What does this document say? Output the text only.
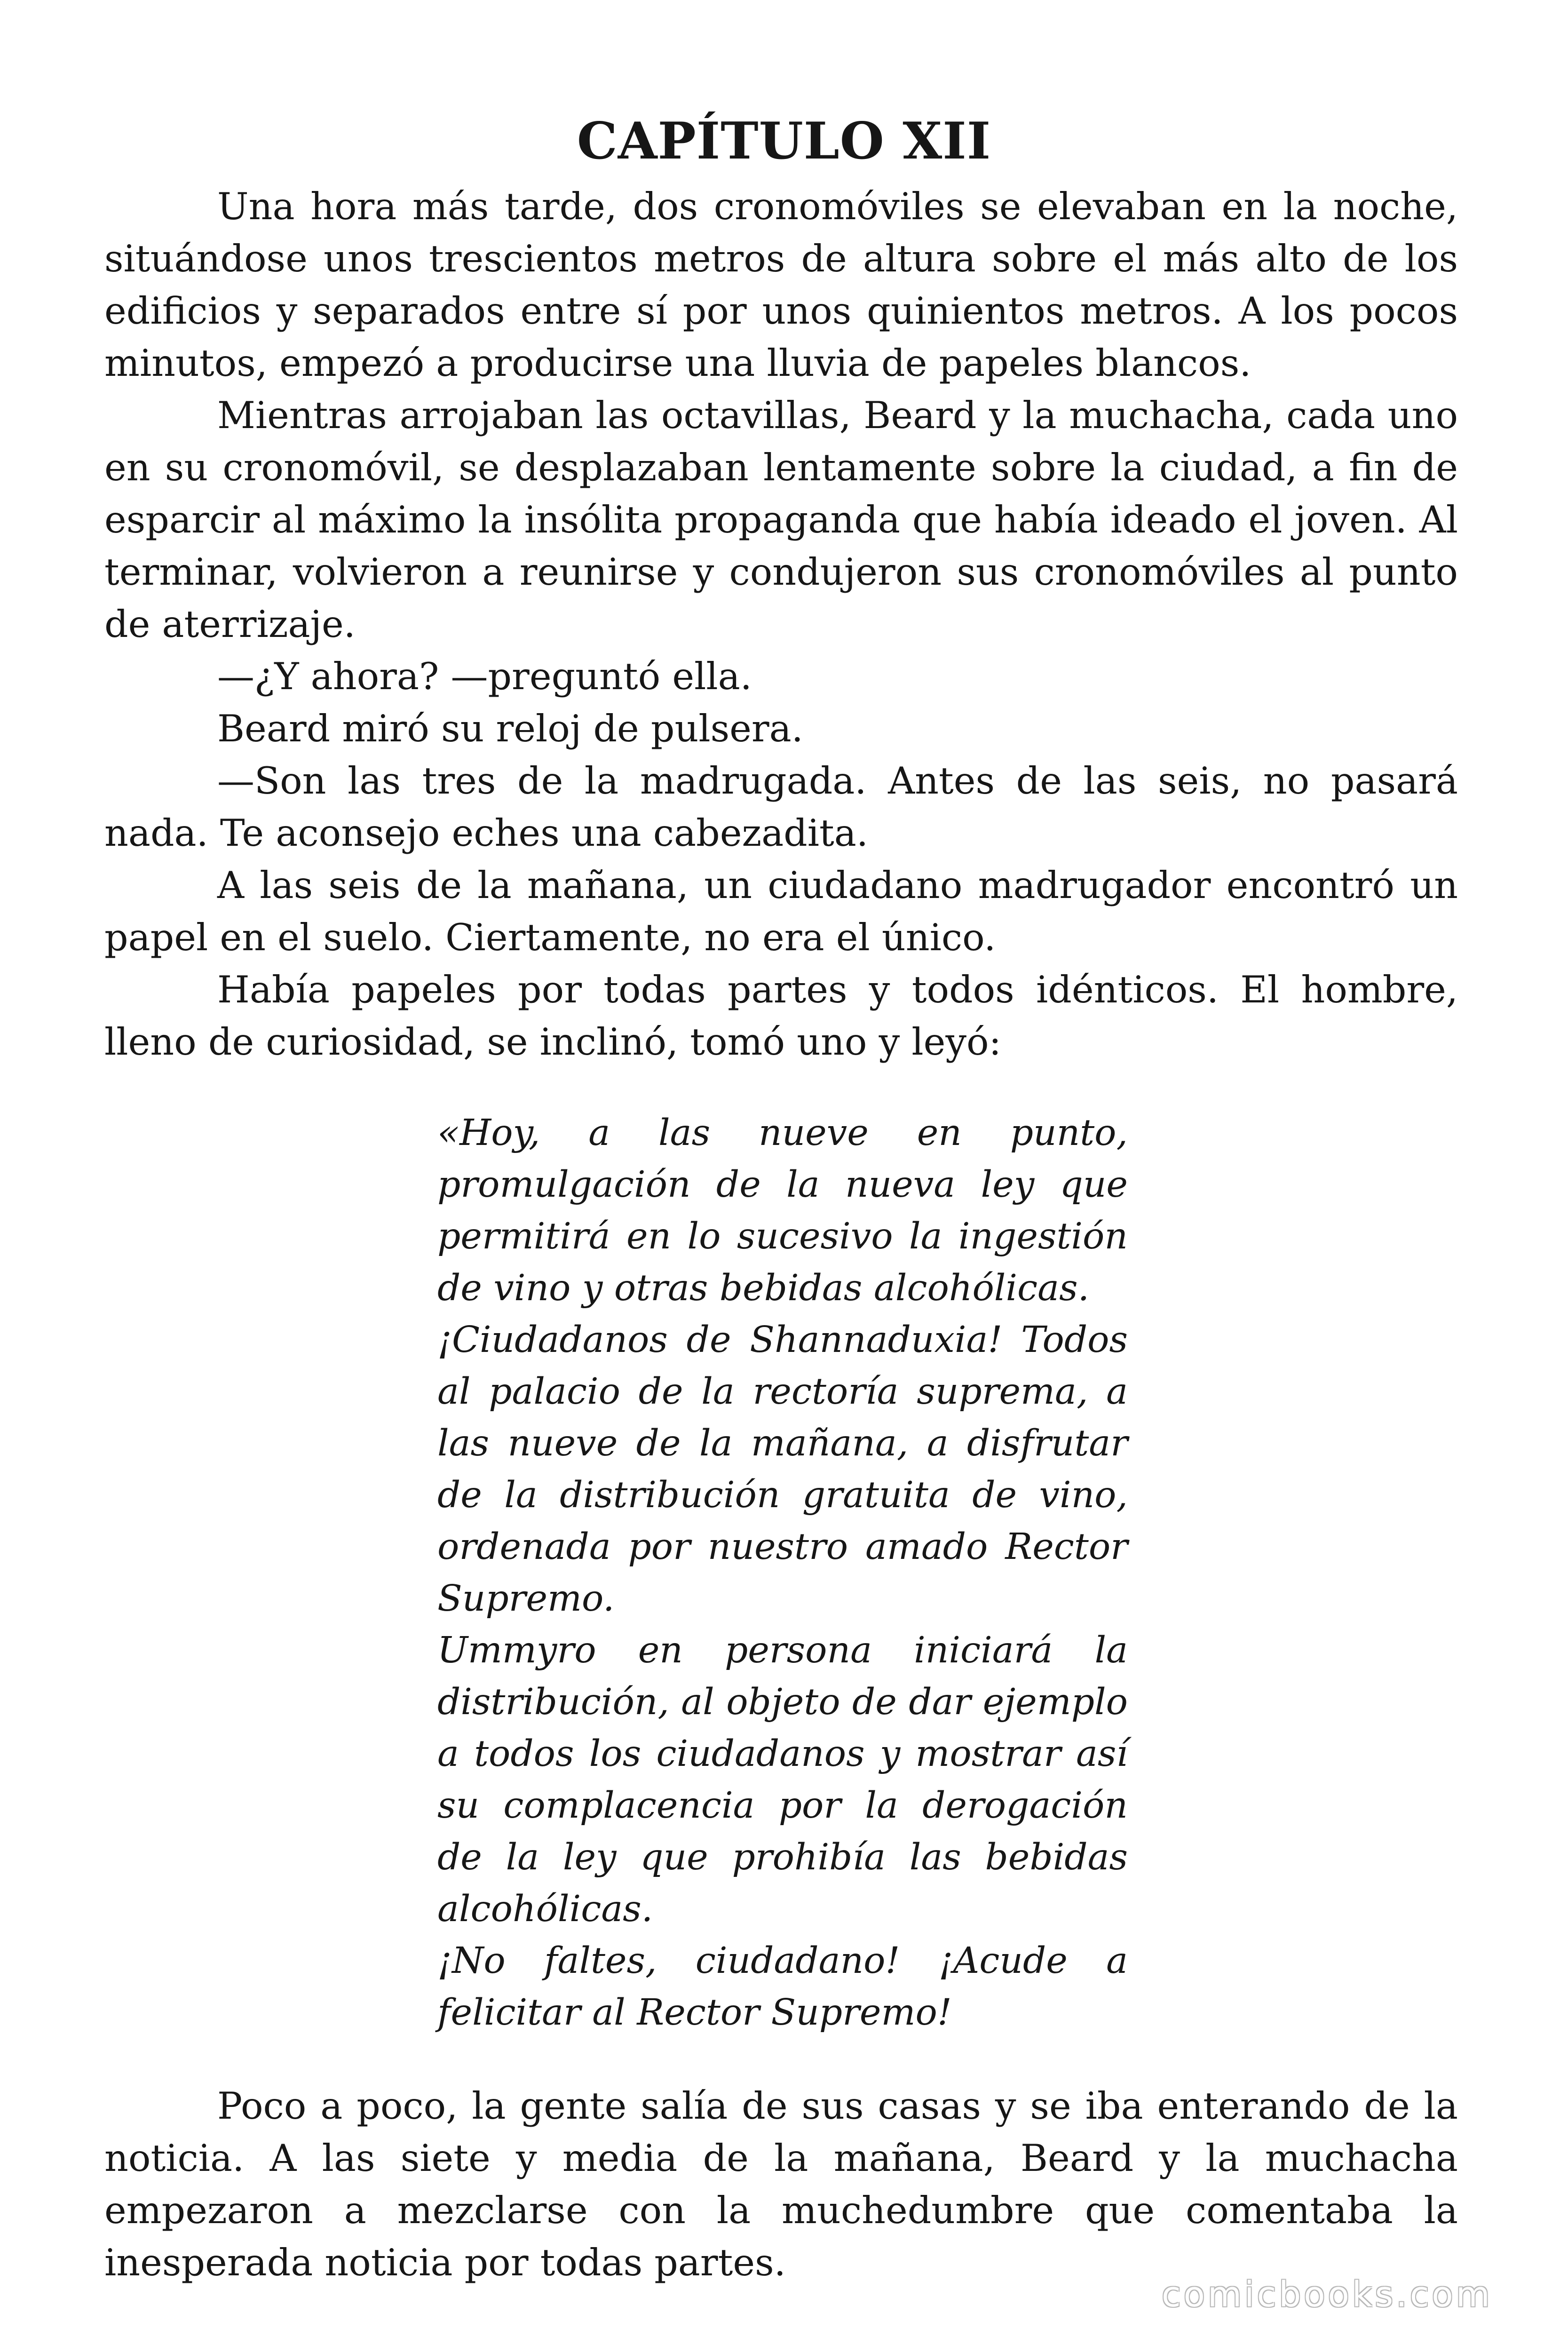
CAPÍTULO XII

Una hora más tarde, dos cronomóviles se elevaban en la noche, situándose unos trescientos metros de altura sobre el más alto de los edificios y separados entre sí por unos quinientos metros. A los pocos minutos, empezó a producirse una lluvia de papeles blancos.

Mientras arrojaban las octavillas, Beard y la muchacha, cada uno en su cronomóvil, se desplazaban lentamente sobre la ciudad, a fin de esparcir al máximo la insólita propaganda que había ideado el joven. Al terminar, volvieron a reunirse y condujeron sus cronomóviles al punto de aterrizaje.

—¿Y ahora? —preguntó ella.

Beard miró su reloj de pulsera.

—Son las tres de la madrugada. Antes de las seis, no pasará nada. Te aconsejo eches una cabezadita.

A las seis de la mañana, un ciudadano madrugador encontró un papel en el suelo. Ciertamente, no era el único.

Había papeles por todas partes y todos idénticos. El hombre, lleno de curiosidad, se inclinó, tomó uno y leyó:

«Hoy, a las nueve en punto, promulgación de la nueva ley que permitirá en lo sucesivo la ingestión de vino y otras bebidas alcohólicas.

¡Ciudadanos de Shannaduxia! Todos al palacio de la rectoría suprema, a las nueve de la mañana, a disfrutar de la distribución gratuita de vino, ordenada por nuestro amado Rector Supremo.

Ummyro en persona iniciará la distribución, al objeto de dar ejemplo a todos los ciudadanos y mostrar así su complacencia por la derogación de la ley que prohibía las bebidas alcohólicas.

¡No faltes, ciudadano! ¡Acude a felicitar al Rector Supremo!

Poco a poco, la gente salía de sus casas y se iba enterando de la noticia. A las siete y media de la mañana, Beard y la muchacha empezaron a mezclarse con la muchedumbre que comentaba la inesperada noticia por todas partes.

comicbooks.com
